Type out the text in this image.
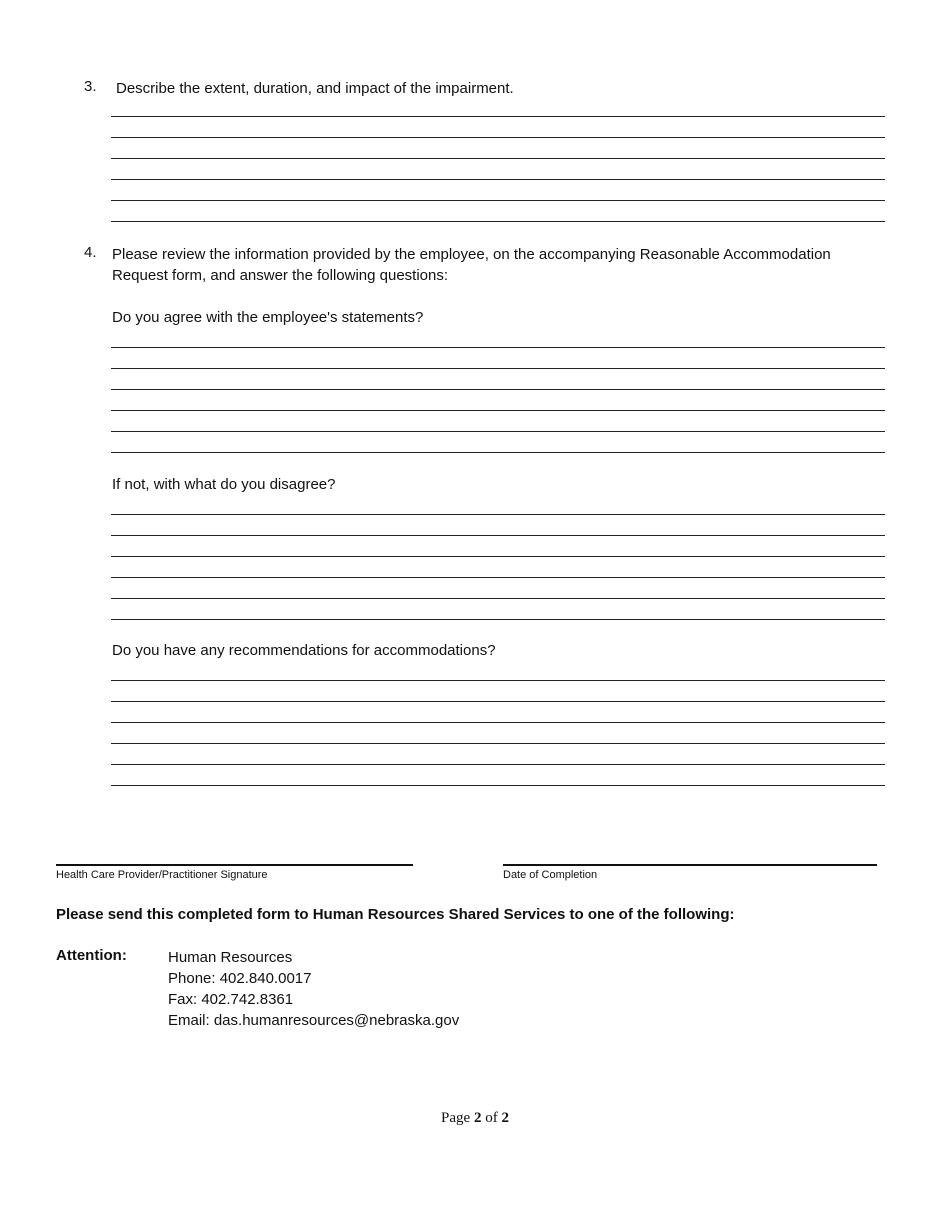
3. Describe the extent, duration, and impact of the impairment.
4. Please review the information provided by the employee, on the accompanying Reasonable Accommodation
Request form, and answer the following questions:
Do you agree with the employee's statements?
If not, with what do you disagree?
Do you have any recommendations for accommodations?
Health Care Provider/Practitioner Signature	Date of Completion
Please send this completed form to Human Resources Shared Services to one of the following:
Attention:	Human Resources
Phone: 402.840.0017
Fax: 402.742.8361
Email: das.humanresources@nebraska.gov
Page 2 of 2
